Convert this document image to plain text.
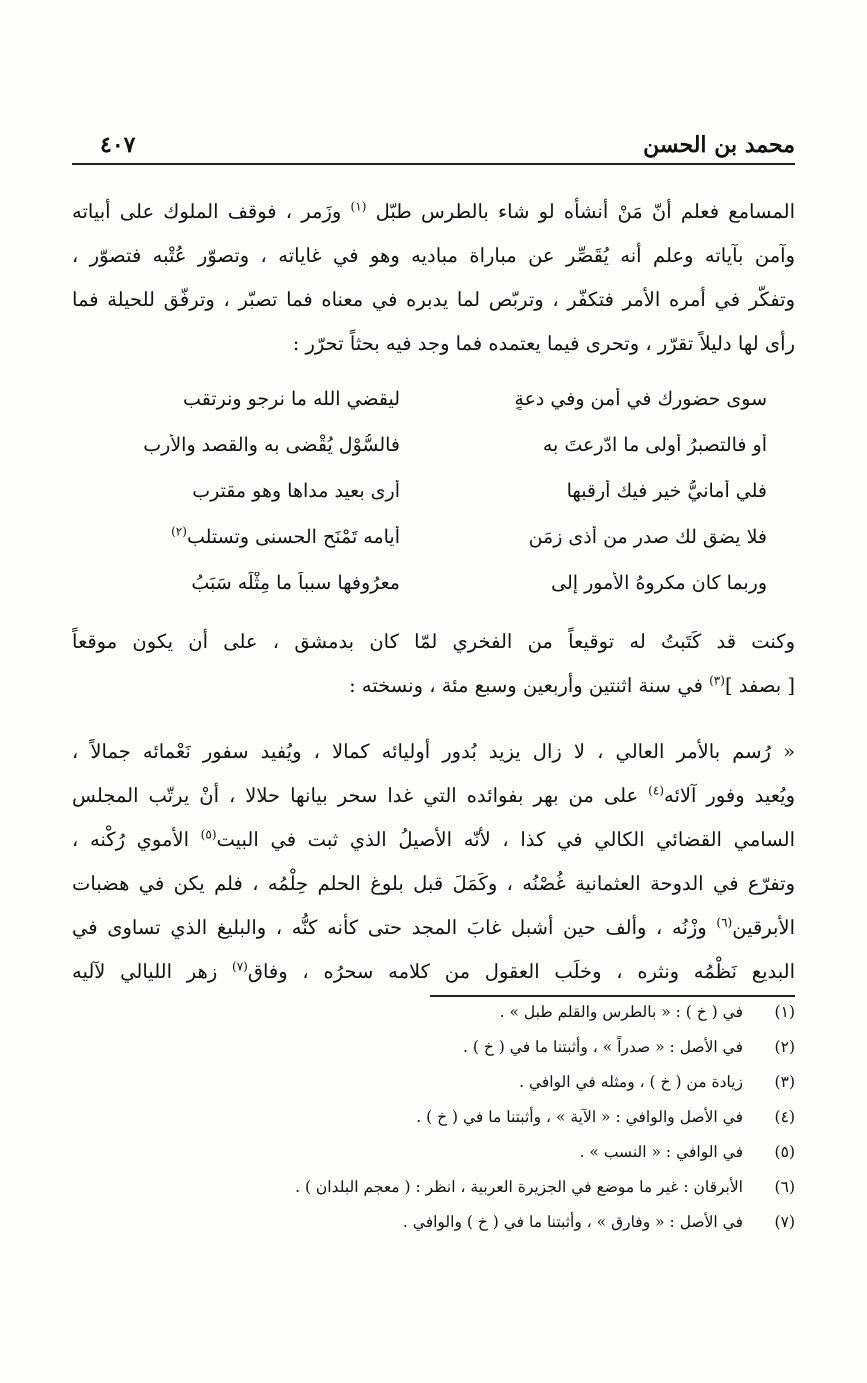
محمد بن الحسن
٤٠٧
المسامع فعلم أنّ مَنْ أنشأه لو شاء بالطرس طبّل $^{(١)}$ وزَمر ، فوقف الملوك على أبياته
وآمن بآياته وعلم أنه يُقَصِّر عن مباراة مباديه وهو في غاياته ، وتصوّر عُتْبه فتصوّر ،
وتفكّر في أمره الأمر فتكفّر ، وتربّص لما يدبره في معناه فما تصبّر ، وترفّق للحيلة فما
رأى لها دليلاً تقرّر ، وتحرى فيما يعتمده فما وجد فيه بحثاً تحرّر :
سوى حضورك في أمنٍ وفي دعةٍ
ليقضي الله ما نرجو ونرتقب
أو فالتصبرُ أولى ما ادّرعتَ به
فالسُّوْل يُقْضى به والقصد والأرب
فلي أمانيُّ خير فيك أرقبها
أرى بعيد مداها وهو مقترب
فلا يضق لك صدر من أذى زمَنٍ
أيامه تَمْنَح الحسنى وتستلب$^{(٢)}$
وربما كان مكروهُ الأمور إلى
معرُوفها سبباً ما مِثْلَه سَبَبُ
وكنت قد كَتَبتُ له توقيعاً من الفخري لمّا كان بدمشق ، على أن يكون موقعاً
[ بصفد ]$^{(٣)}$ في سنة اثنتين وأربعين وسبع مئة ، ونسخته :
« رُسم بالأمر العالي ، لا زال يزيد بُدور أوليائه كمالا ، ويُفيد سفور نَعْمائه جمالاً ،
ويُعيد وفور آلائه$^{(٤)}$ على من بهر بفوائده التي غدا سحر بيانها حلالا ، أنْ يرتّب المجلس
السامي القضائي الكالي في كذا ، لأنّه الأصيلُ الذي ثبت في البيت$^{(٥)}$ الأموي رُكْنه ،
وتفرّع في الدوحة العثمانية غُصْنُه ، وكَمَلَ قبل بلوغ الحلم حِلْمُه ، فلم يكن في هضبات
الأبرقين$^{(٦)}$ وزْنُه ، وألف حين أشبل غابَ المجد حتى كأنه كنُّه ، والبليغ الذي تساوى في
البديع نَظْمُه ونثره ، وخلَب العقول من كلامه سحرُه ، وفاق$^{(٧)}$ زهر الليالي لآليه
(١)
في ( خ ) : « بالطرس والقلم طبل » .
(٢)
في الأصل : « صدراً » ، وأثبتنا ما في ( خ ) .
(٣)
زيادة من ( خ ) ، ومثله في الوافي .
(٤)
في الأصل والوافي : « الآية » ، وأثبتنا ما في ( خ ) .
(٥)
في الوافي : « النسب » .
(٦)
الأبرقان : غير ما موضع في الجزيرة العربية ، انظر : ( معجم البلدان ) .
(٧)
في الأصل : « وفارق » ، وأثبتنا ما في ( خ ) والوافي .
